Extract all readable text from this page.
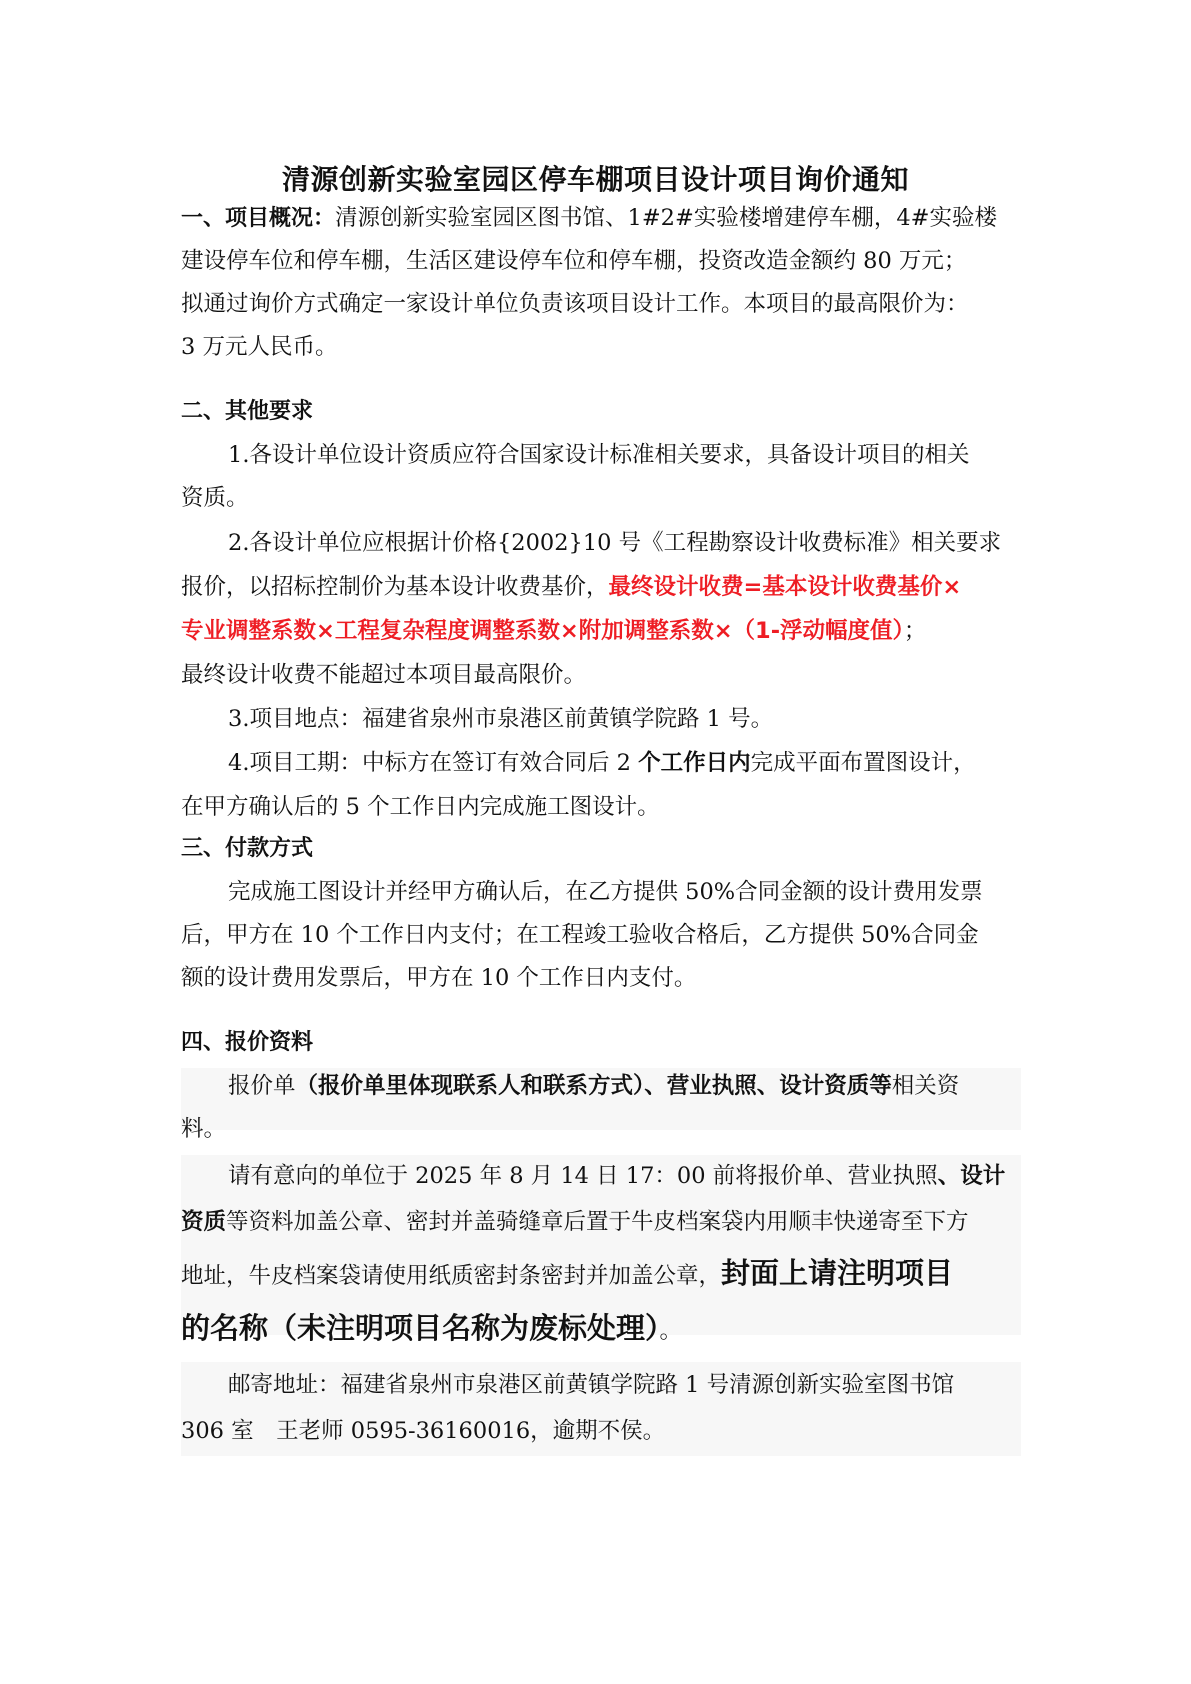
清源创新实验室园区停车棚项目设计项目询价通知
一、项目概况：清源创新实验室园区图书馆、1#2#实验楼增建停车棚，4#实验楼
建设停车位和停车棚，生活区建设停车位和停车棚，投资改造金额约 80 万元；
拟通过询价方式确定一家设计单位负责该项目设计工作。本项目的最高限价为：
3 万元人民币。
二、其他要求
1.各设计单位设计资质应符合国家设计标准相关要求，具备设计项目的相关
资质。
2.各设计单位应根据计价格{2002}10 号《工程勘察设计收费标准》相关要求
报价，以招标控制价为基本设计收费基价，最终设计收费=基本设计收费基价×
专业调整系数×工程复杂程度调整系数×附加调整系数×（1-浮动幅度值）；
最终设计收费不能超过本项目最高限价。
3.项目地点：福建省泉州市泉港区前黄镇学院路 1 号。
4.项目工期：中标方在签订有效合同后 2 个工作日内完成平面布置图设计，
在甲方确认后的 5 个工作日内完成施工图设计。
三、付款方式
完成施工图设计并经甲方确认后，在乙方提供 50%合同金额的设计费用发票
后，甲方在 10 个工作日内支付；在工程竣工验收合格后，乙方提供 50%合同金
额的设计费用发票后，甲方在 10 个工作日内支付。
四、报价资料
报价单（报价单里体现联系人和联系方式）、营业执照、设计资质等相关资
料。
请有意向的单位于 2025 年 8 月 14 日 17：00 前将报价单、营业执照、设计
资质等资料加盖公章、密封并盖骑缝章后置于牛皮档案袋内用顺丰快递寄至下方
地址，牛皮档案袋请使用纸质密封条密封并加盖公章，封面上请注明项目
的名称（未注明项目名称为废标处理）。
邮寄地址：福建省泉州市泉港区前黄镇学院路 1 号清源创新实验室图书馆
306 室　王老师 0595-36160016，逾期不侯。
